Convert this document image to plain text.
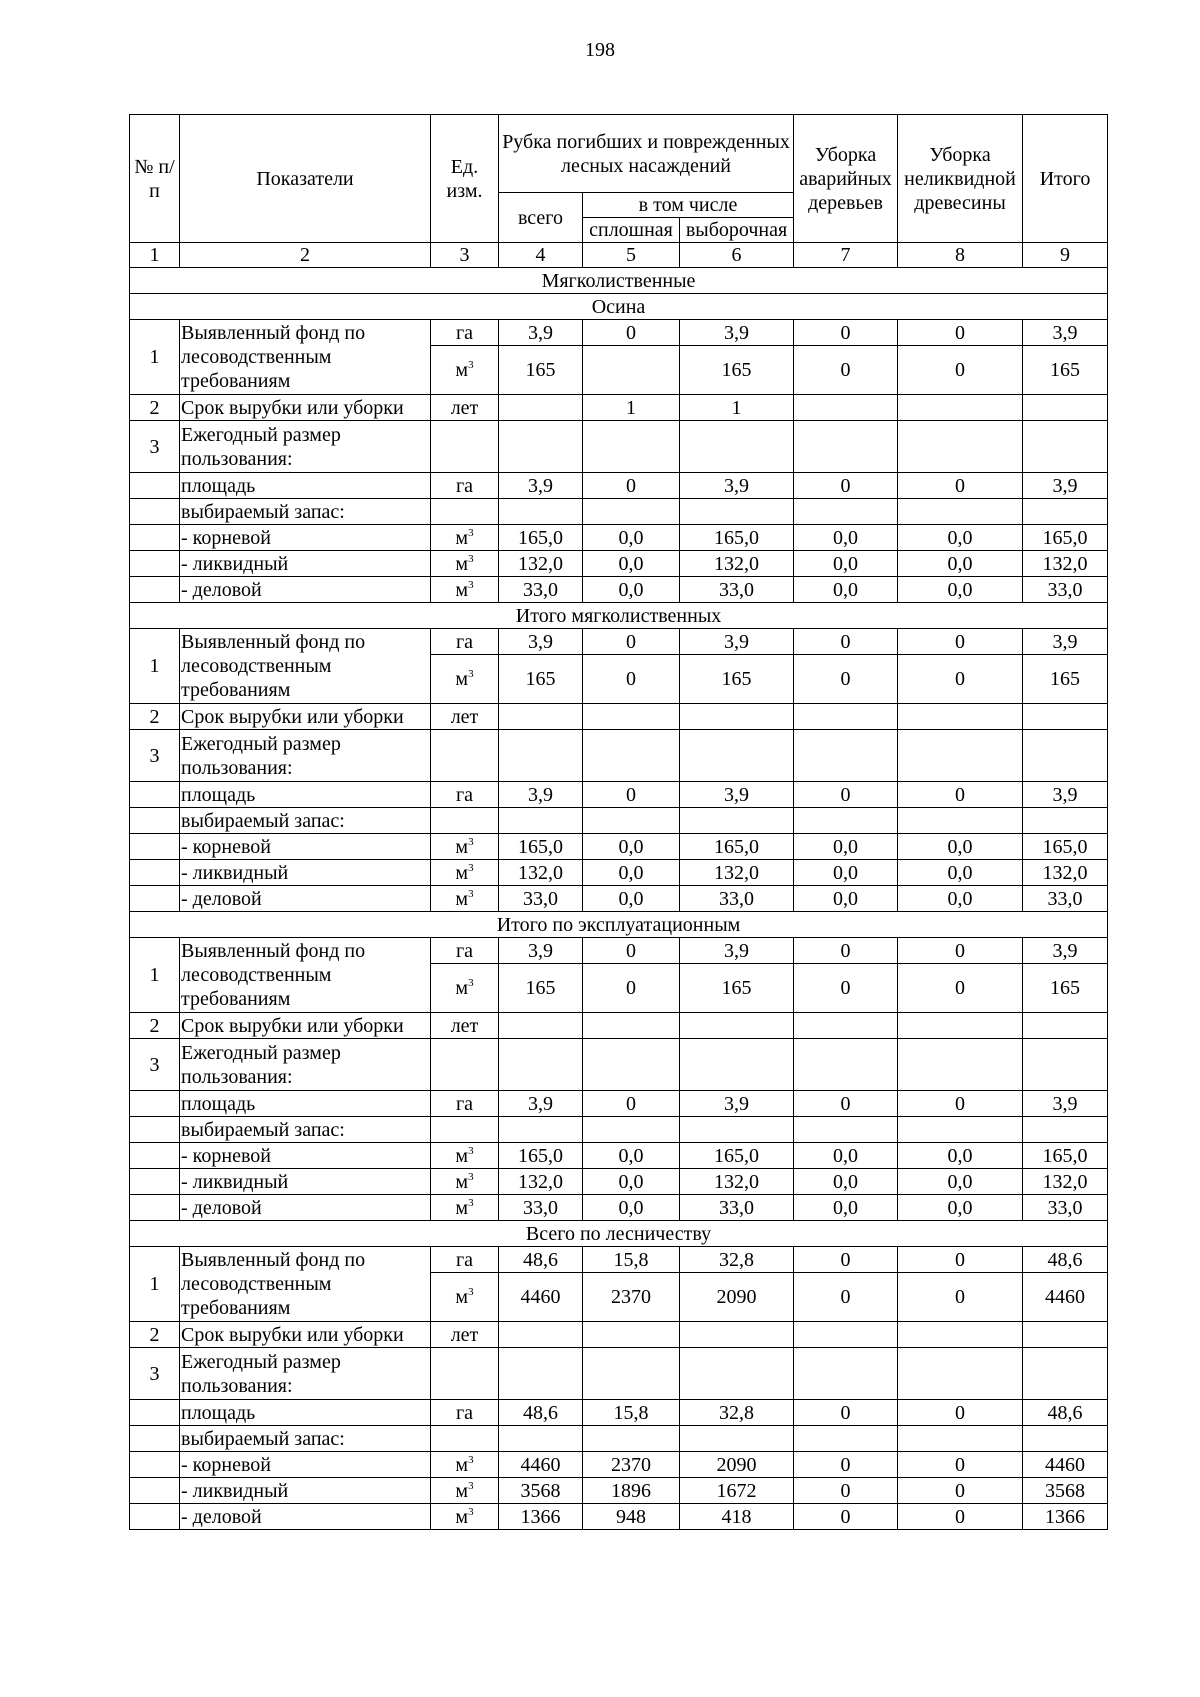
198
№ п/п	Показатели	Ед. изм.	Рубка погибших и поврежденных лесных насаждений			Уборка аварийных деревьев	Уборка неликвидной древесины	Итого
			всего	в том числе				
				сплошная	выборочная			
1	2	3	4	5	6	7	8	9
Мягколиственные								
Осина								
1	Выявленный фонд по лесоводственным требованиям	га	3,9	0	3,9	0	0	3,9
		$м^3$	165		165	0	0	165
2	Срок вырубки или уборки	лет		1	1			
3	Ежегодный размер пользования:							
	площадь	га	3,9	0	3,9	0	0	3,9
	выбираемый запас:							
	- корневой	$м^3$	165,0	0,0	165,0	0,0	0,0	165,0
	- ликвидный	$м^3$	132,0	0,0	132,0	0,0	0,0	132,0
	- деловой	$м^3$	33,0	0,0	33,0	0,0	0,0	33,0
Итого мягколиственных								
1	Выявленный фонд по лесоводственным требованиям	га	3,9	0	3,9	0	0	3,9
		$м^3$	165	0	165	0	0	165
2	Срок вырубки или уборки	лет						
3	Ежегодный размер пользования:							
	площадь	га	3,9	0	3,9	0	0	3,9
	выбираемый запас:							
	- корневой	$м^3$	165,0	0,0	165,0	0,0	0,0	165,0
	- ликвидный	$м^3$	132,0	0,0	132,0	0,0	0,0	132,0
	- деловой	$м^3$	33,0	0,0	33,0	0,0	0,0	33,0
Итого по эксплуатационным								
1	Выявленный фонд по лесоводственным требованиям	га	3,9	0	3,9	0	0	3,9
		$м^3$	165	0	165	0	0	165
2	Срок вырубки или уборки	лет						
3	Ежегодный размер пользования:							
	площадь	га	3,9	0	3,9	0	0	3,9
	выбираемый запас:							
	- корневой	$м^3$	165,0	0,0	165,0	0,0	0,0	165,0
	- ликвидный	$м^3$	132,0	0,0	132,0	0,0	0,0	132,0
	- деловой	$м^3$	33,0	0,0	33,0	0,0	0,0	33,0
Всего по лесничеству								
1	Выявленный фонд по лесоводственным требованиям	га	48,6	15,8	32,8	0	0	48,6
		$м^3$	4460	2370	2090	0	0	4460
2	Срок вырубки или уборки	лет						
3	Ежегодный размер пользования:							
	площадь	га	48,6	15,8	32,8	0	0	48,6
	выбираемый запас:							
	- корневой	$м^3$	4460	2370	2090	0	0	4460
	- ликвидный	$м^3$	3568	1896	1672	0	0	3568
	- деловой	$м^3$	1366	948	418	0	0	1366
